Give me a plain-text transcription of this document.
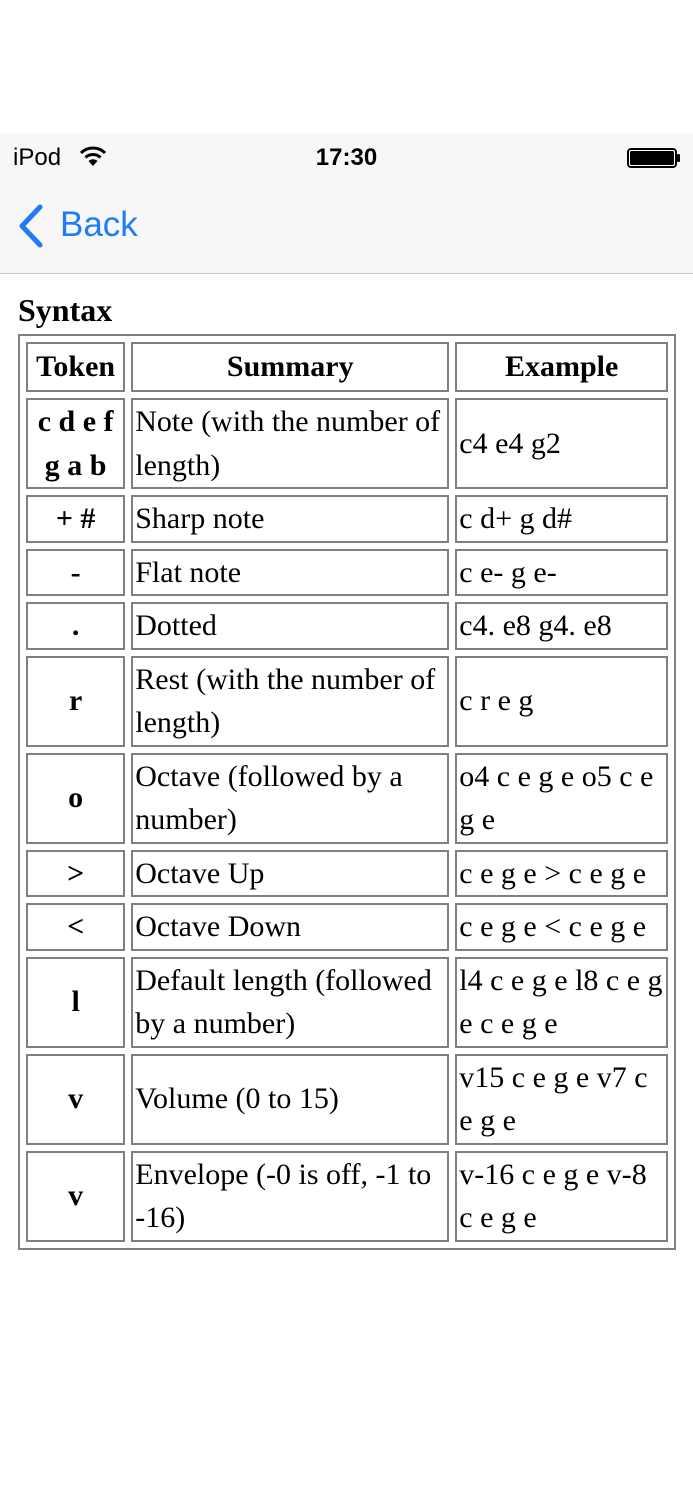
iPod	17:30
Back
Syntax
Token	Summary	Example
c d e f g a b	Note (with the number of length)	c4 e4 g2
+ #	Sharp note	c d+ g d#
-	Flat note	c e- g e-
.	Dotted	c4. e8 g4. e8
r	Rest (with the number of length)	c r e g
o	Octave (followed by a number)	o4 c e g e o5 c e g e
>	Octave Up	c e g e > c e g e
<	Octave Down	c e g e < c e g e
l	Default length (followed by a number)	l4 c e g e l8 c e g e c e g e
v	Volume (0 to 15)	v15 c e g e v7 c e g e
v	Envelope (-0 is off, -1 to -16)	v-16 c e g e v-8 c e g e
